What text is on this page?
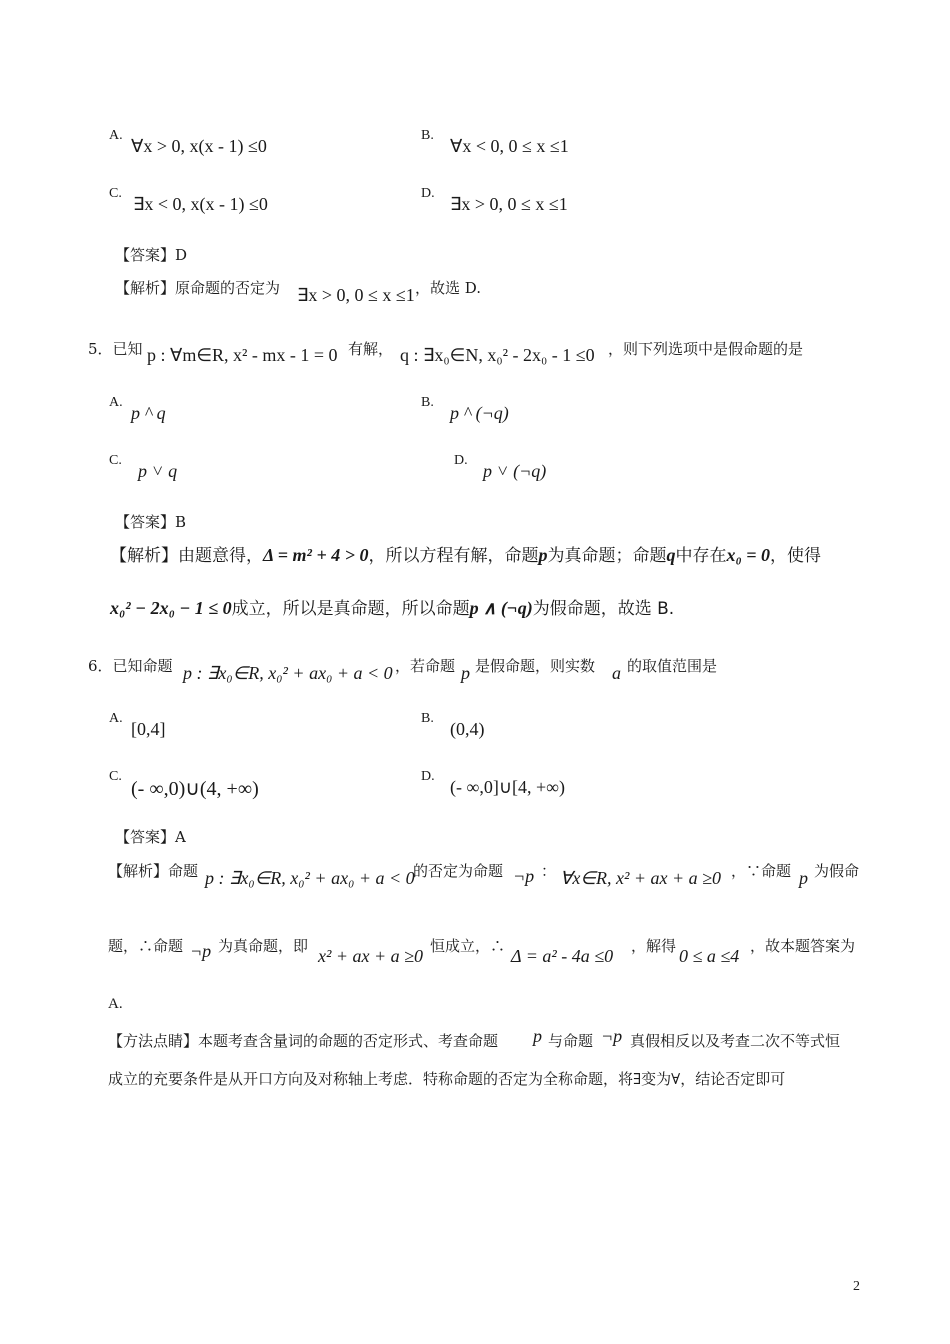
A.
∀x > 0, x(x - 1) ≤0
B.
∀x < 0, 0 ≤ x ≤1
C.
∃x < 0, x(x - 1) ≤0
D.
∃x > 0, 0 ≤ x ≤1
【答案】D
【解析】原命题的否定为 ∃x > 0, 0 ≤ x ≤1 ，故选 D.
5．已知 p : ∀m∈R, x² - mx - 1 = 0 有解， q : ∃x₀∈N, x₀² - 2x₀ - 1 ≤0 ，则下列选项中是假命题的是
A.
p ^ q
B.
p ^ (¬q)
C.
p ˅ q
D.
p ˅ (¬q)
【答案】B
【解析】由题意得，Δ = m² + 4 > 0，所以方程有解，命题p为真命题；命题q中存在x₀ = 0，使得
x₀² − 2x₀ − 1 ≤ 0成立，所以是真命题，所以命题p ∧ (¬q)为假命题，故选 B.
6．已知命题 p : ∃x₀∈R, x₀² + ax₀ + a < 0 ，若命题 p 是假命题，则实数 a 的取值范围是
A.
[0,4]
B.
(0,4)
C.
(- ∞,0)∪(4, +∞)
D.
(- ∞,0]∪[4, +∞)
【答案】A
【解析】命题 p : ∃x₀∈R, x₀² + ax₀ + a < 0
的否定为命题 ¬p ： ∀x∈R, x² + ax + a ≥0 ，∵命题 p 为假命
题，∴命题 ¬p 为真命题，即 x² + ax + a ≥0 恒成立，∴ Δ = a² - 4a ≤0 ，解得 0 ≤ a ≤4 ，故本题答案为
A.
【方法点睛】本题考查含量词的命题的否定形式、考查命题 p 与命题 ¬p 真假相反以及考查二次不等式恒
成立的充要条件是从开口方向及对称轴上考虑．特称命题的否定为全称命题，将∃变为∀，结论否定即可
2
